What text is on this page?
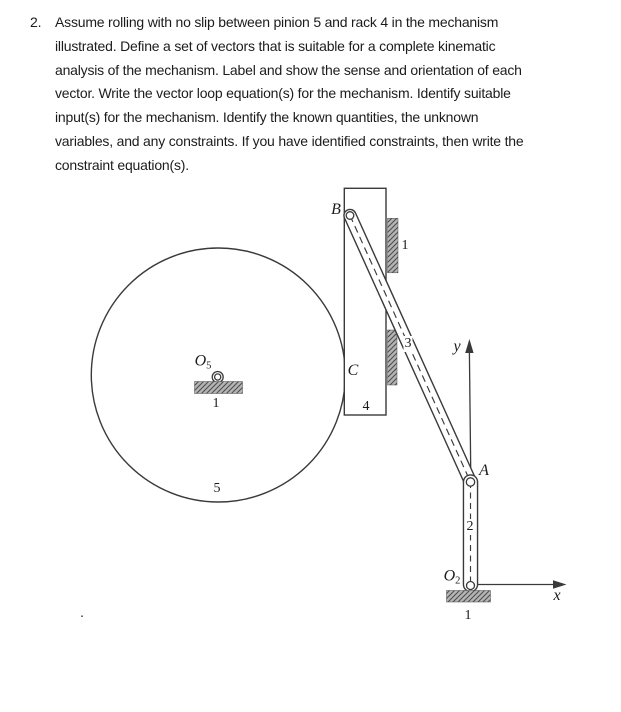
2. Assume rolling with no slip between pinion 5 and rack 4 in the mechanism
illustrated. Define a set of vectors that is suitable for a complete kinematic
analysis of the mechanism. Label and show the sense and orientation of each
vector. Write the vector loop equation(s) for the mechanism. Identify suitable
input(s) for the mechanism. Identify the known quantities, the unknown
variables, and any constraints. If you have identified constraints, then write the
constraint equation(s).
B
1
C
3
4
y
A
2
$O_2$
1
x
$O_5$
1
5
.
